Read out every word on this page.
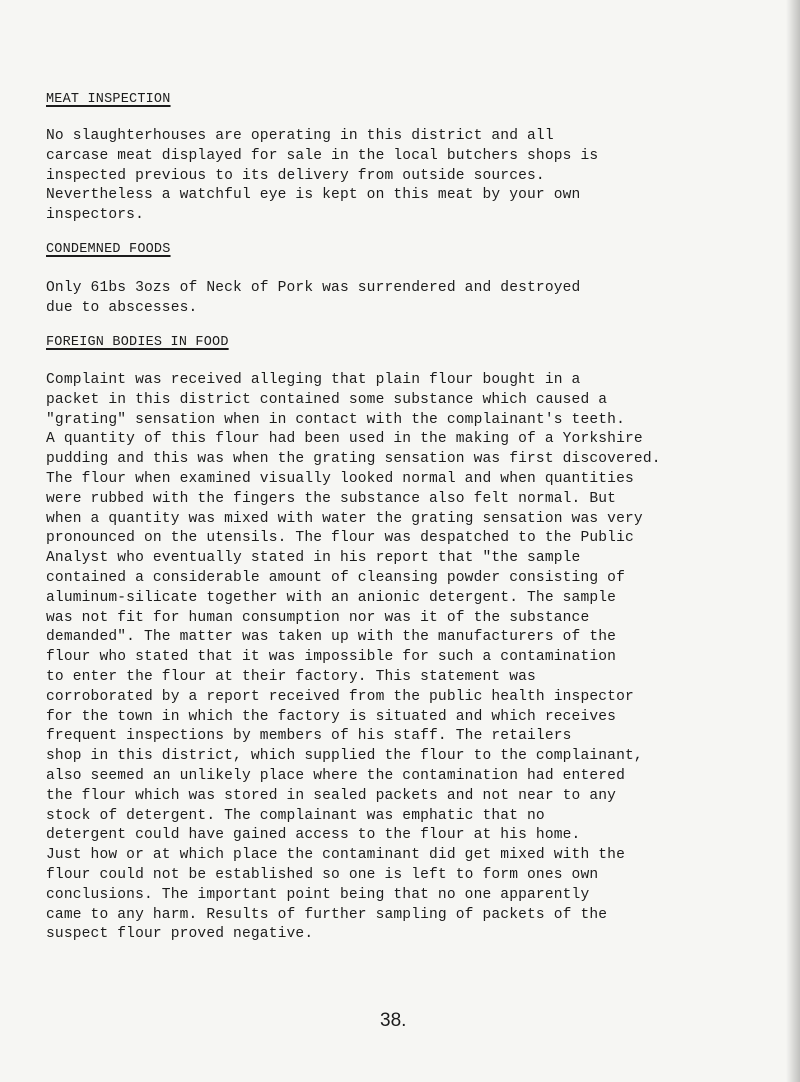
MEAT INSPECTION
No slaughterhouses are operating in this district and all
carcase meat displayed for sale in the local butchers shops is
inspected previous to its delivery from outside sources.
Nevertheless a watchful eye is kept on this meat by your own
inspectors.
CONDEMNED FOODS
Only 61bs 3ozs of Neck of Pork was surrendered and destroyed
due to abscesses.
FOREIGN BODIES IN FOOD
Complaint was received alleging that plain flour bought in a
packet in this district contained some substance which caused a
"grating" sensation when in contact with the complainant's teeth.
A quantity of this flour had been used in the making of a Yorkshire
pudding and this was when the grating sensation was first discovered.
The flour when examined visually looked normal and when quantities
were rubbed with the fingers the substance also felt normal. But
when a quantity was mixed with water the grating sensation was very
pronounced on the utensils. The flour was despatched to the Public
Analyst who eventually stated in his report that "the sample
contained a considerable amount of cleansing powder consisting of
aluminum-silicate together with an anionic detergent. The sample
was not fit for human consumption nor was it of the substance
demanded". The matter was taken up with the manufacturers of the
flour who stated that it was impossible for such a contamination
to enter the flour at their factory. This statement was
corroborated by a report received from the public health inspector
for the town in which the factory is situated and which receives
frequent inspections by members of his staff. The retailers
shop in this district, which supplied the flour to the complainant,
also seemed an unlikely place where the contamination had entered
the flour which was stored in sealed packets and not near to any
stock of detergent. The complainant was emphatic that no
detergent could have gained access to the flour at his home.
Just how or at which place the contaminant did get mixed with the
flour could not be established so one is left to form ones own
conclusions. The important point being that no one apparently
came to any harm. Results of further sampling of packets of the
suspect flour proved negative.
38.
